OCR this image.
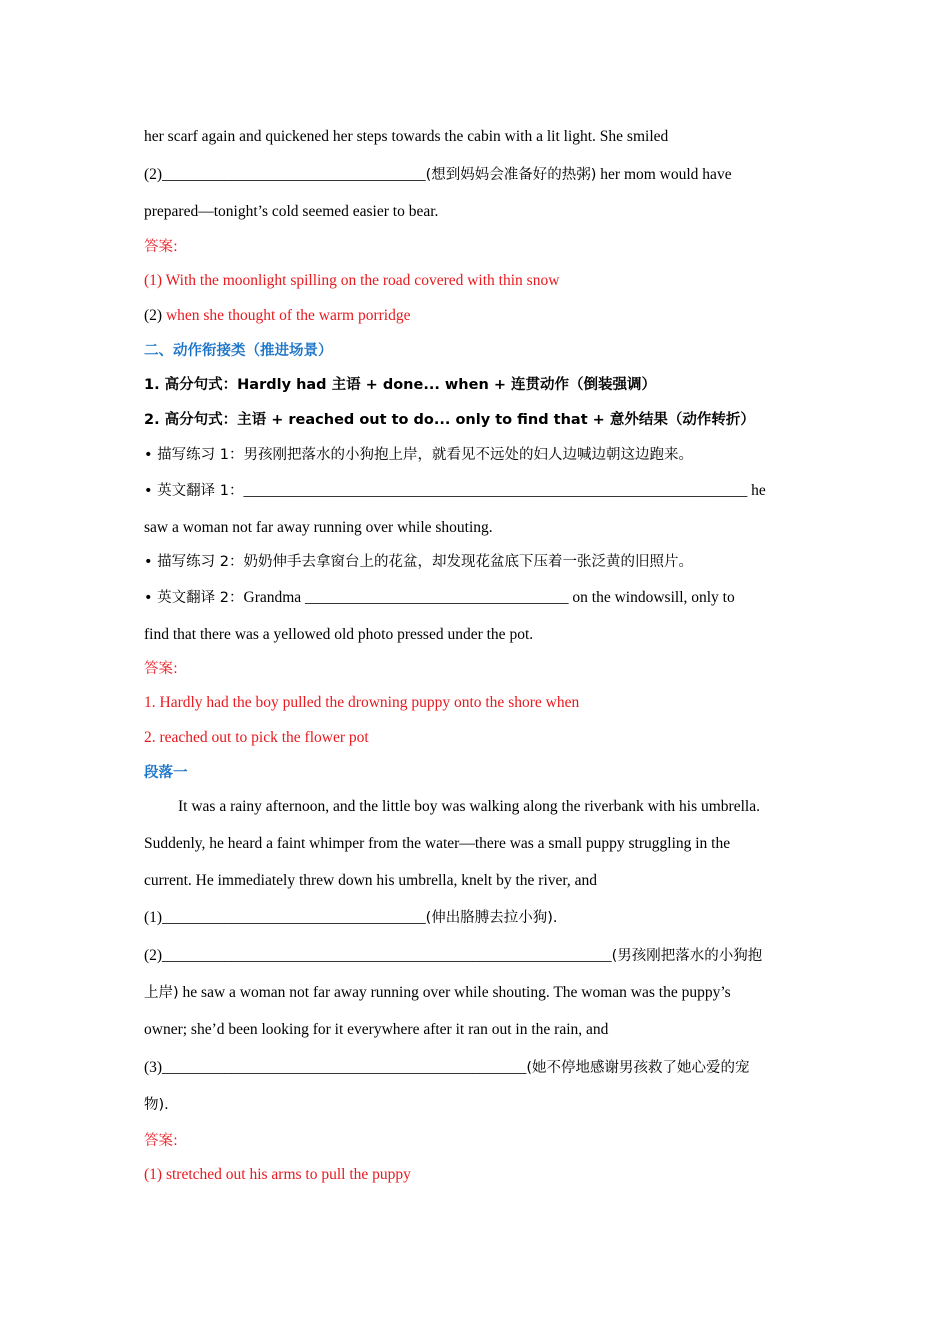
her scarf again and quickened her steps towards the cabin with a lit light. She smiled
(2)__________________________________(想到妈妈会准备好的热粥) her mom would have
prepared—tonight’s cold seemed easier to bear.
答案:
(1) With the moonlight spilling on the road covered with thin snow
(2) when she thought of the warm porridge
二、动作衔接类（推进场景）
1. 高分句式：Hardly had 主语 + done... when + 连贯动作（倒装强调）
2. 高分句式：主语 + reached out to do... only to find that + 意外结果（动作转折）
• 描写练习 1：男孩刚把落水的小狗抱上岸，就看见不远处的妇人边喊边朝这边跑来。
• 英文翻译 1：_________________________________________________________________ he
saw a woman not far away running over while shouting.
• 描写练习 2：奶奶伸手去拿窗台上的花盆，却发现花盆底下压着一张泛黄的旧照片。
• 英文翻译 2：Grandma __________________________________ on the windowsill, only to
find that there was a yellowed old photo pressed under the pot.
答案:
1. Hardly had the boy pulled the drowning puppy onto the shore when
2. reached out to pick the flower pot
段落一
It was a rainy afternoon, and the little boy was walking along the riverbank with his umbrella.
Suddenly, he heard a faint whimper from the water—there was a small puppy struggling in the
current. He immediately threw down his umbrella, knelt by the river, and
(1)__________________________________(伸出胳膊去拉小狗).
(2)__________________________________________________________(男孩刚把落水的小狗抱
上岸) he saw a woman not far away running over while shouting. The woman was the puppy’s
owner; she’d been looking for it everywhere after it ran out in the rain, and
(3)_______________________________________________(她不停地感谢男孩救了她心爱的宠
物).
答案:
(1) stretched out his arms to pull the puppy
